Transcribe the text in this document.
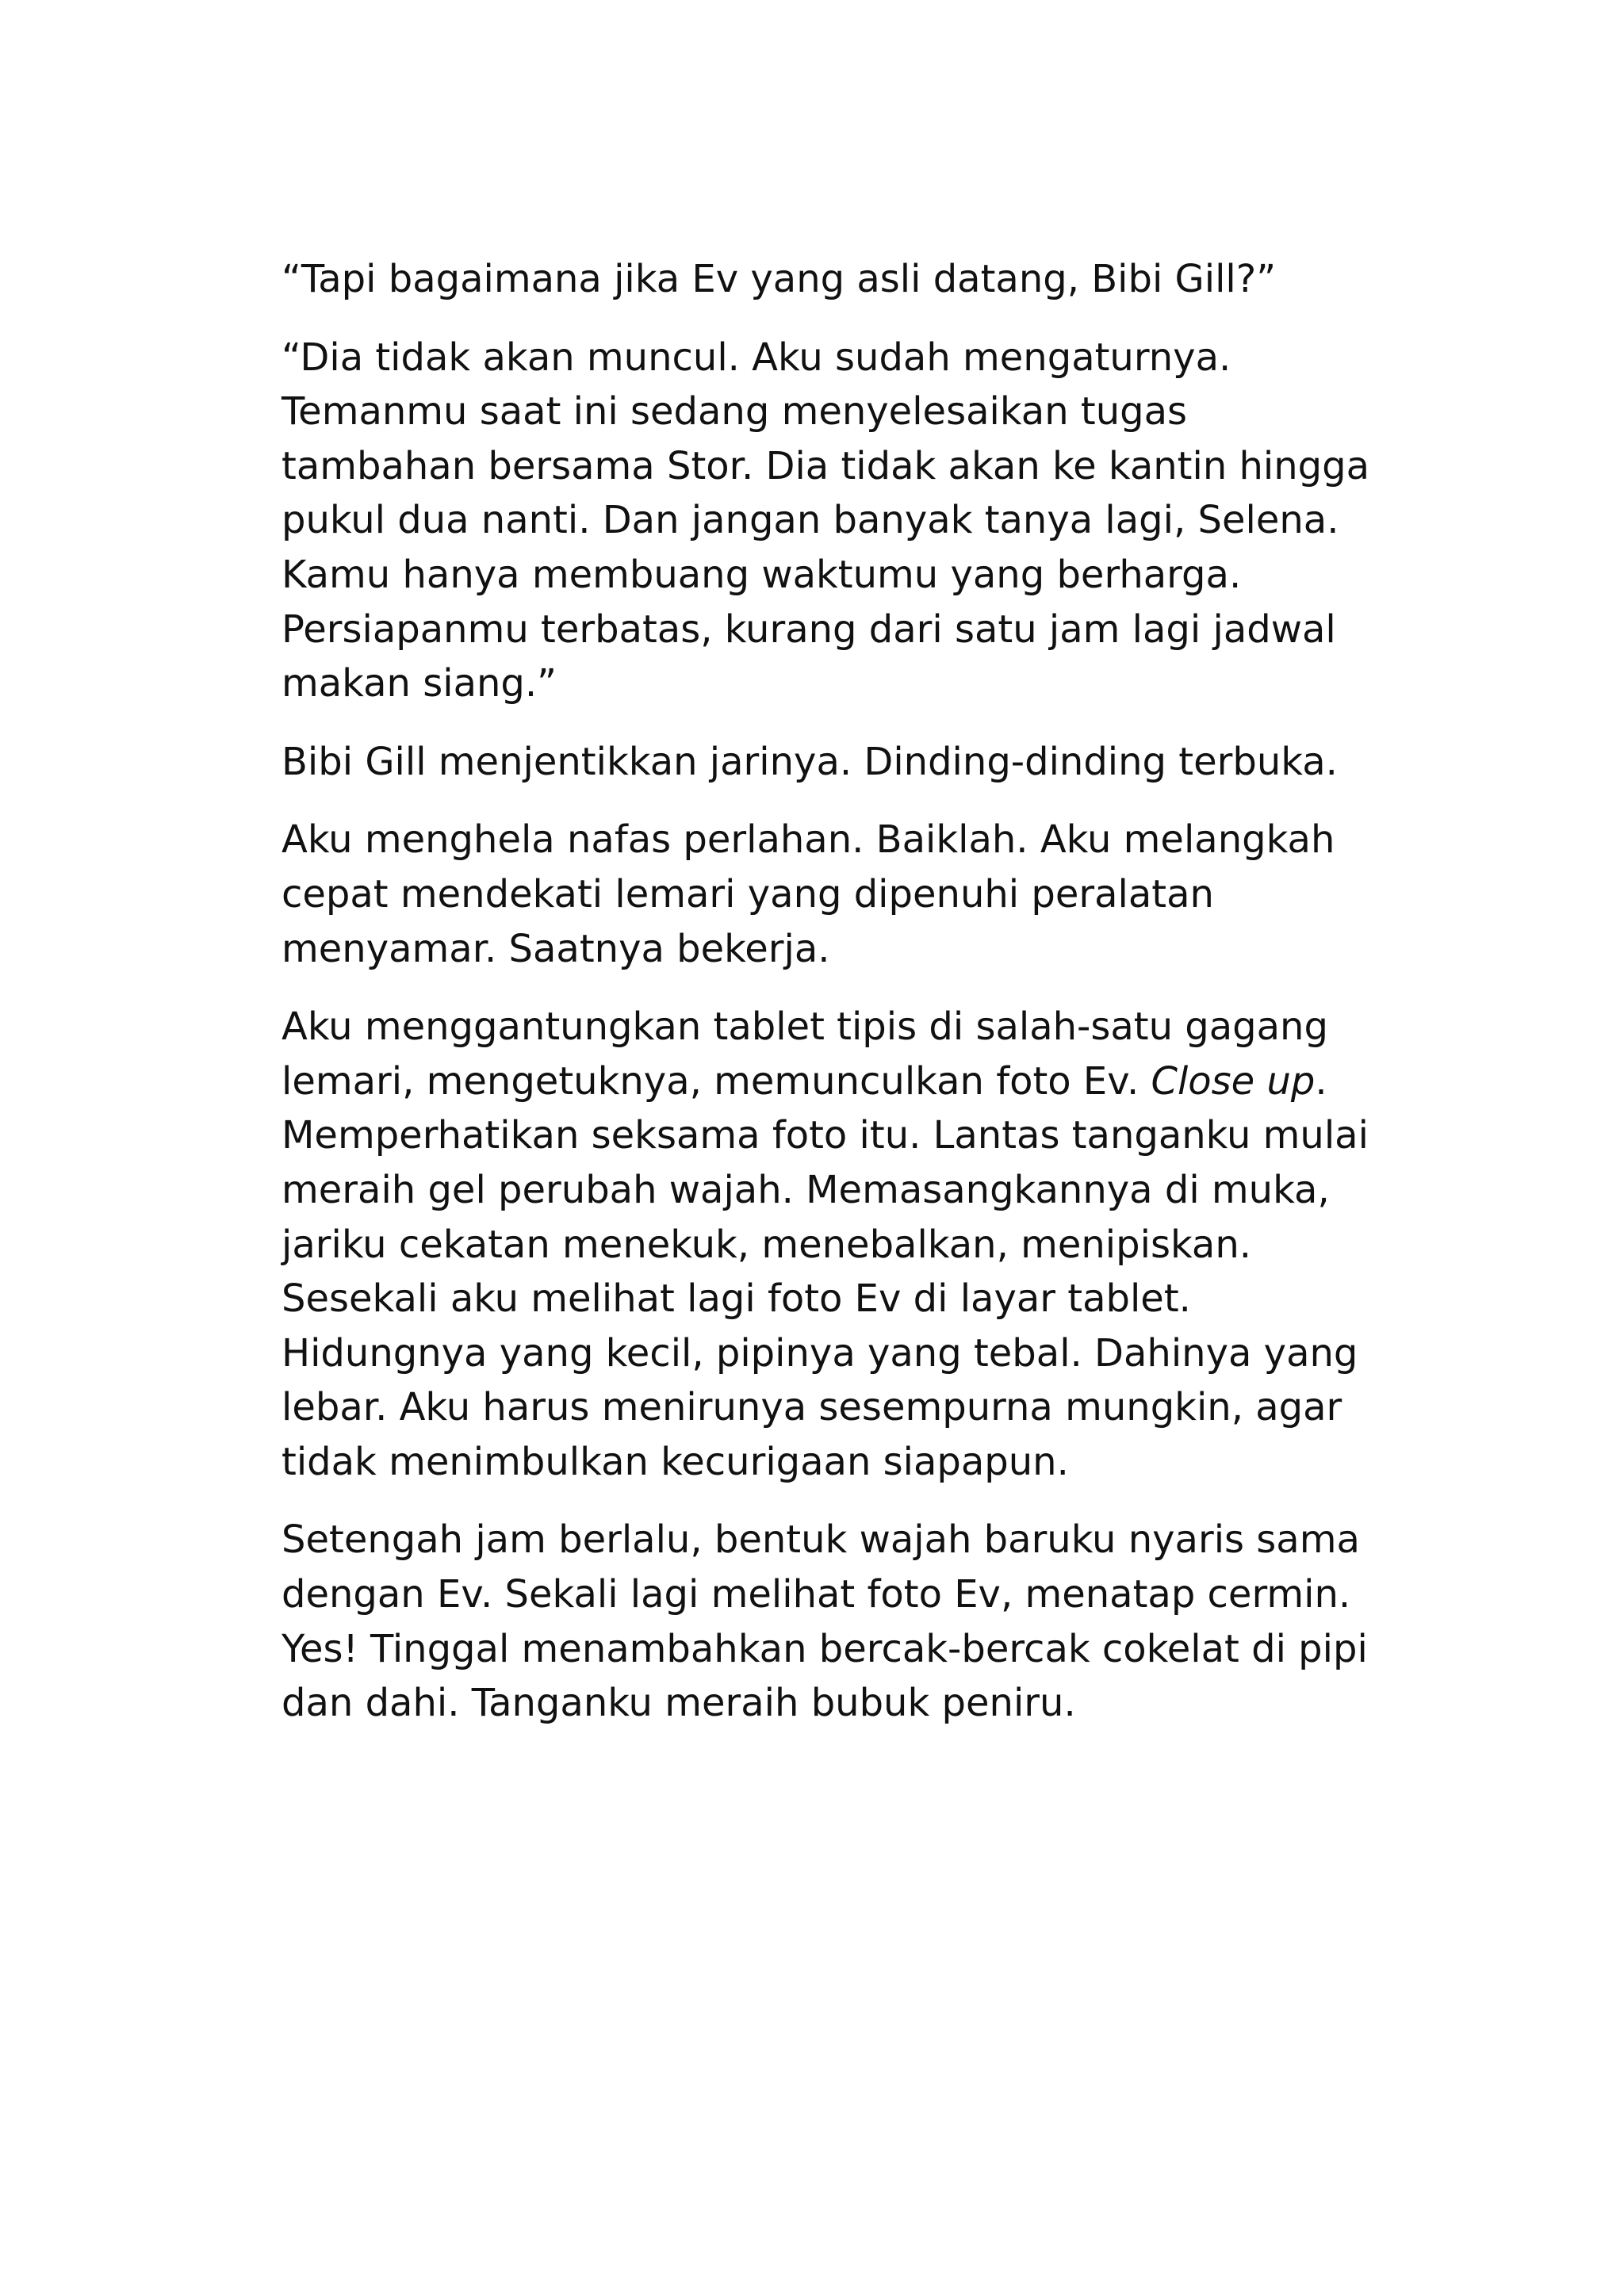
“Tapi bagaimana jika Ev yang asli datang, Bibi Gill?”

“Dia tidak akan muncul. Aku sudah mengaturnya. Temanmu saat ini sedang menyelesaikan tugas tambahan bersama Stor. Dia tidak akan ke kantin hingga pukul dua nanti. Dan jangan banyak tanya lagi, Selena. Kamu hanya membuang waktumu yang berharga. Persiapanmu terbatas, kurang dari satu jam lagi jadwal makan siang.”

Bibi Gill menjentikkan jarinya. Dinding-dinding terbuka.

Aku menghela nafas perlahan. Baiklah. Aku melangkah cepat mendekati lemari yang dipenuhi peralatan menyamar. Saatnya bekerja.

Aku menggantungkan tablet tipis di salah-satu gagang lemari, mengetuknya, memunculkan foto Ev. Close up. Memperhatikan seksama foto itu. Lantas tanganku mulai meraih gel perubah wajah. Memasangkannya di muka, jariku cekatan menekuk, menebalkan, menipiskan. Sesekali aku melihat lagi foto Ev di layar tablet. Hidungnya yang kecil, pipinya yang tebal. Dahinya yang lebar. Aku harus menirunya sesempurna mungkin, agar tidak menimbulkan kecurigaan siapapun.

Setengah jam berlalu, bentuk wajah baruku nyaris sama dengan Ev. Sekali lagi melihat foto Ev, menatap cermin. Yes! Tinggal menambahkan bercak-bercak cokelat di pipi dan dahi. Tanganku meraih bubuk peniru.
